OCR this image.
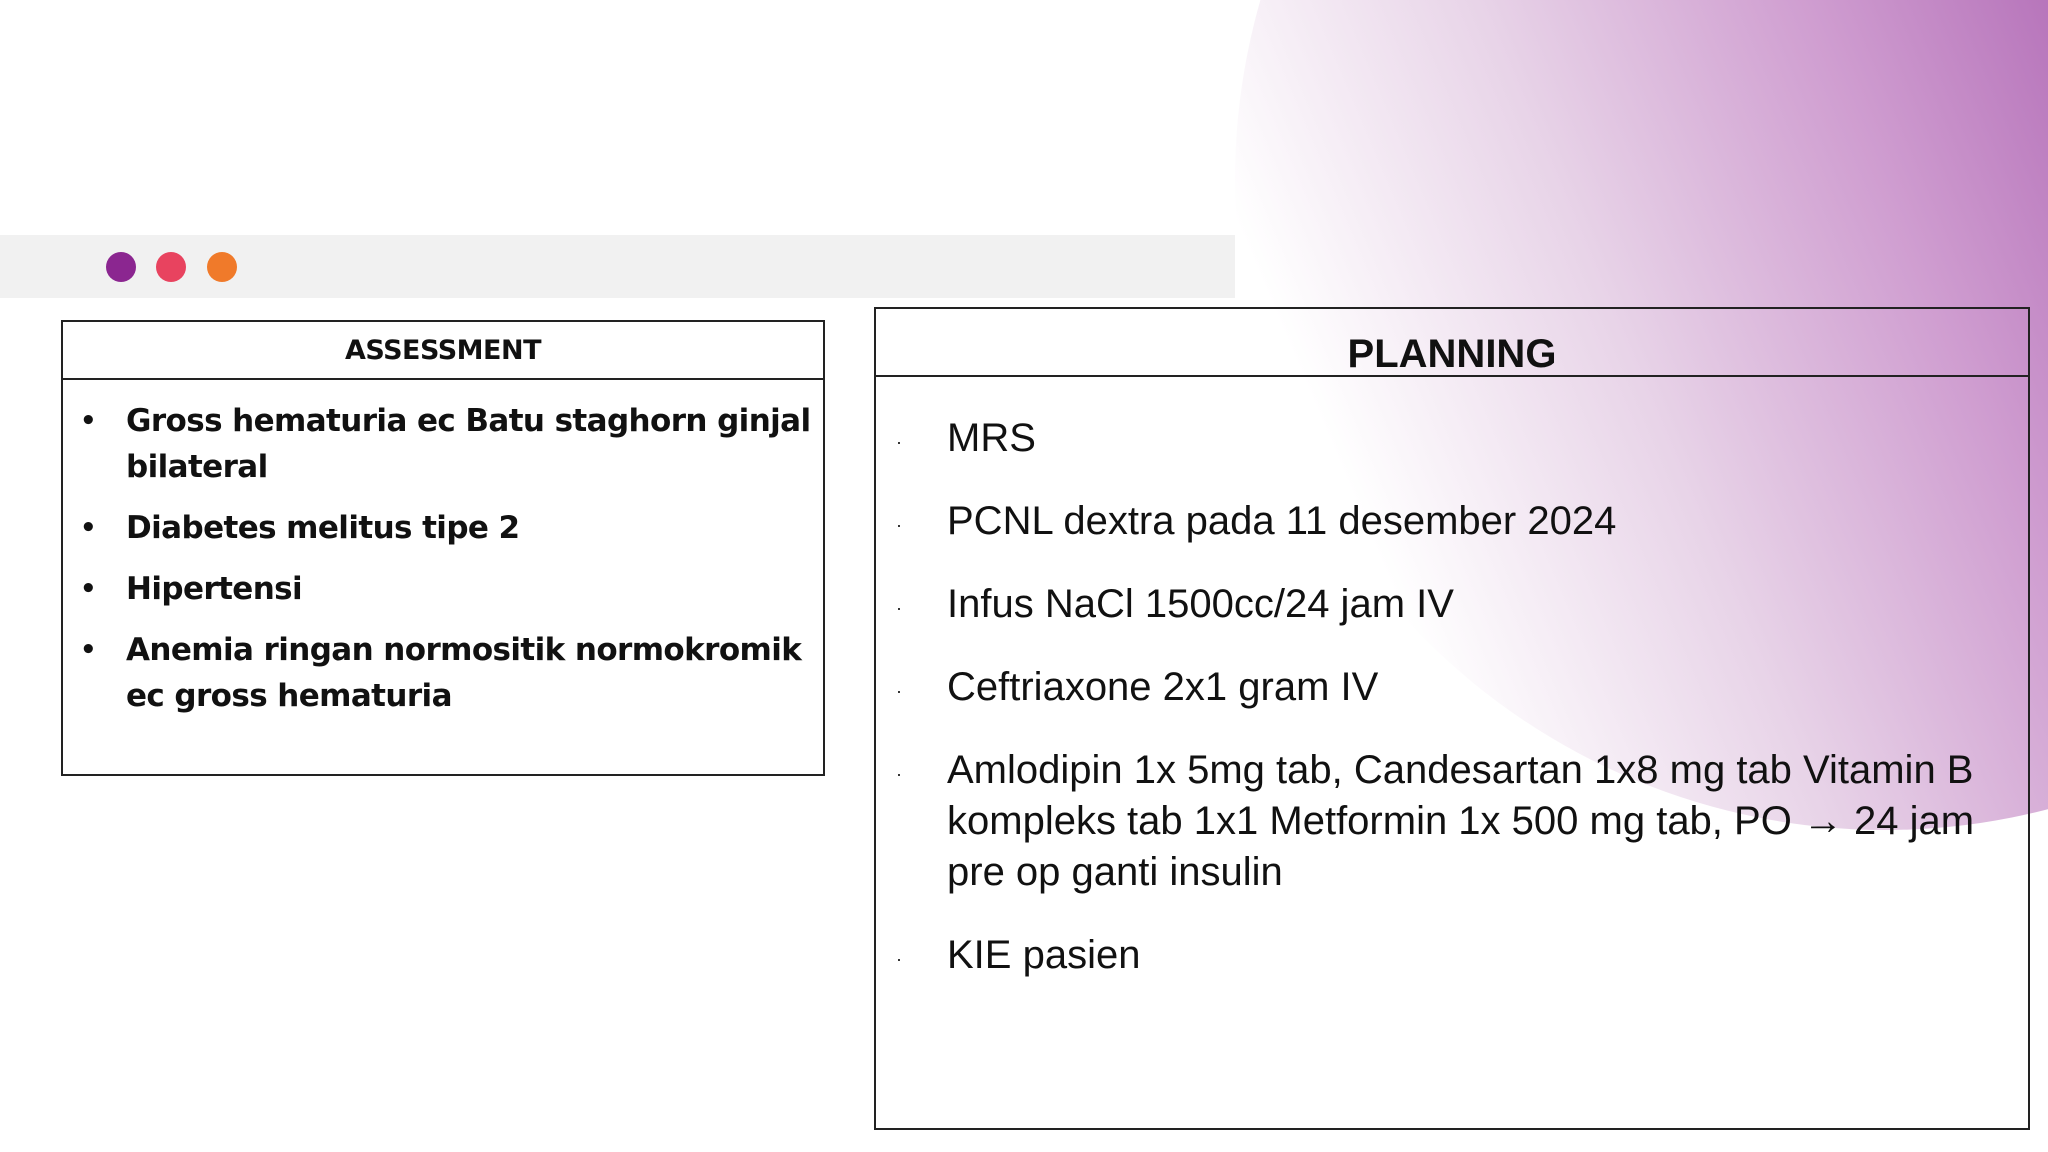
ASSESSMENT
• Gross hematuria ec Batu staghorn ginjal bilateral
• Diabetes melitus tipe 2
• Hipertensi
• Anemia ringan normositik normokromik ec gross hematuria
PLANNING
· MRS
· PCNL dextra pada 11 desember 2024
· Infus NaCl 1500cc/24 jam IV
· Ceftriaxone 2x1 gram IV
· Amlodipin 1x 5mg tab, Candesartan 1x8 mg tab Vitamin B kompleks tab 1x1 Metformin 1x 500 mg tab, PO → 24 jam pre op ganti insulin
· KIE pasien
